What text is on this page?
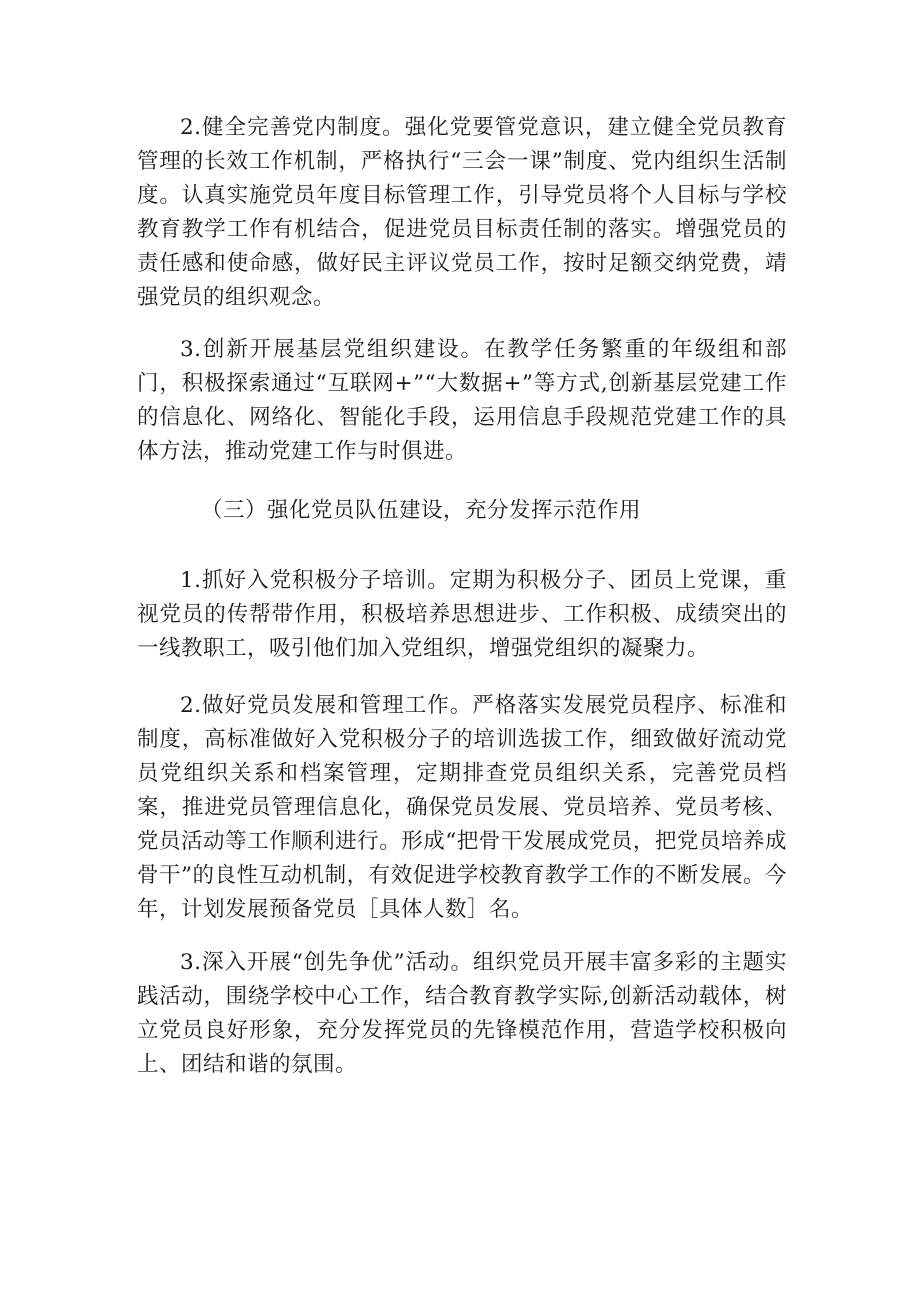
2.健全完善党内制度。强化党要管党意识，建立健全党员教育管理的长效工作机制，严格执行“三会一课”制度、党内组织生活制度。认真实施党员年度目标管理工作，引导党员将个人目标与学校教育教学工作有机结合，促进党员目标责任制的落实。增强党员的责任感和使命感，做好民主评议党员工作，按时足额交纳党费，靖强党员的组织观念。

3.创新开展基层党组织建设。在教学任务繁重的年级组和部门，积极探索通过“互联网+”“大数据+”等方式,创新基层党建工作的信息化、网络化、智能化手段，运用信息手段规范党建工作的具体方法，推动党建工作与时俱进。

（三）强化党员队伍建设，充分发挥示范作用

1.抓好入党积极分子培训。定期为积极分子、团员上党课，重视党员的传帮带作用，积极培养思想进步、工作积极、成绩突出的一线教职工，吸引他们加入党组织，增强党组织的凝聚力。

2.做好党员发展和管理工作。严格落实发展党员程序、标准和制度，高标准做好入党积极分子的培训选拔工作，细致做好流动党员党组织关系和档案管理，定期排查党员组织关系，完善党员档案，推进党员管理信息化，确保党员发展、党员培养、党员考核、党员活动等工作顺利进行。形成“把骨干发展成党员，把党员培养成骨干”的良性互动机制，有效促进学校教育教学工作的不断发展。今年，计划发展预备党员［具体人数］名。

3.深入开展“创先争优”活动。组织党员开展丰富多彩的主题实践活动，围绕学校中心工作，结合教育教学实际,创新活动载体，树立党员良好形象，充分发挥党员的先锋模范作用，营造学校积极向上、团结和谐的氛围。
